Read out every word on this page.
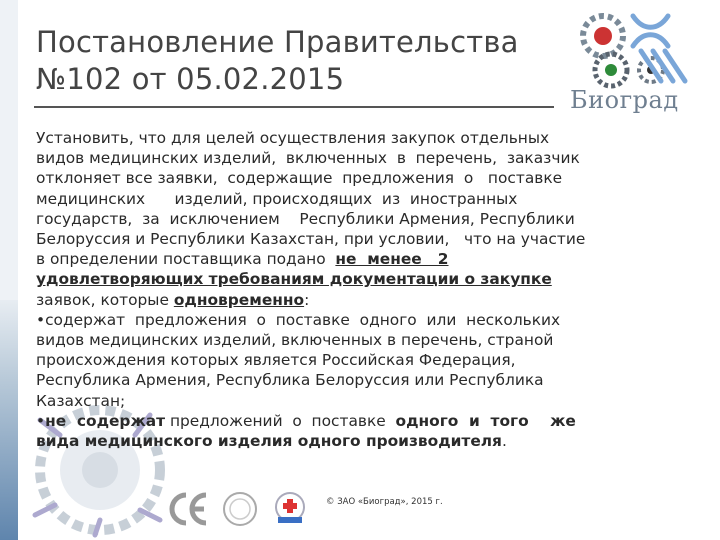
Постановление Правительства
№102 от 05.02.2015
Биоград
Установить, что для целей осуществления закупок отдельных
видов медицинских изделий,  включенных  в  перечень,  заказчик
отклоняет все заявки,  содержащие  предложения  о   поставке
медицинских      изделий, происходящих  из  иностранных
государств,  за  исключением    Республики Армения, Республики
Белоруссия и Республики Казахстан, при условии,   что на участие
в определении поставщика подано  не  менее   2
удовлетворяющих требованиям документации о закупке
заявок, которые одновременно:
•содержат  предложения  о  поставке  одного  или  нескольких
видов медицинских изделий, включенных в перечень, страной
происхождения которых является Российская Федерация,
Республика Армения, Республика Белоруссия или Республика
Казахстан;
•не  содержат предложений  о  поставке  одного  и  того    же
вида медицинского изделия одного производителя.
© ЗАО «Биоград», 2015 г.
